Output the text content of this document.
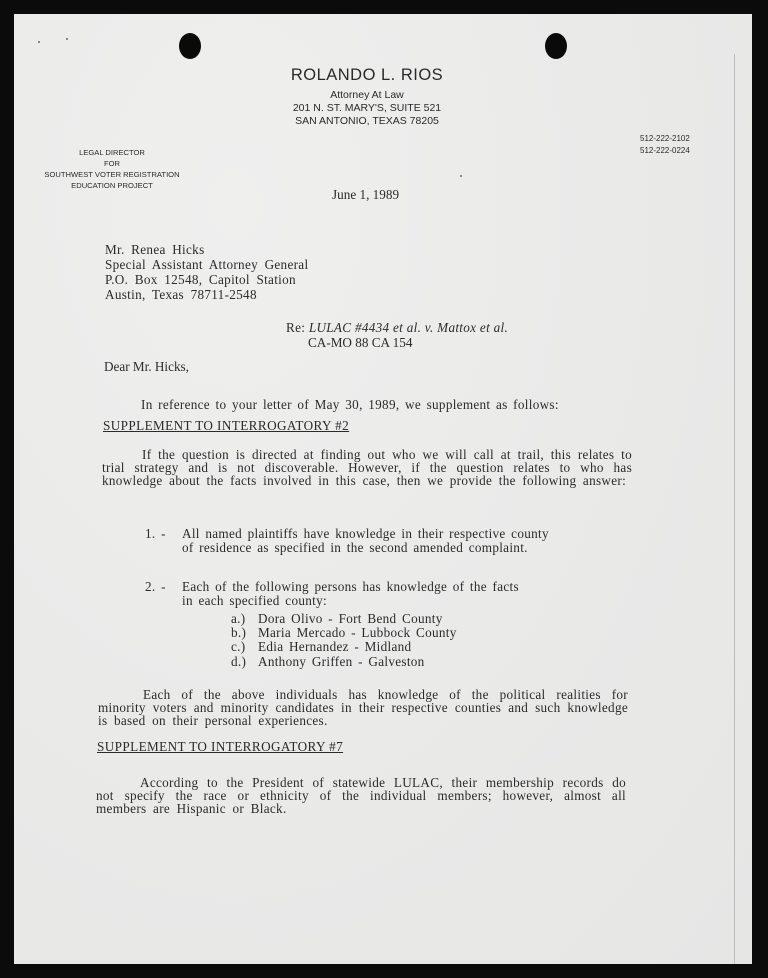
ROLANDO L. RIOS
Attorney At Law
201 N. ST. MARY'S, SUITE 521
SAN ANTONIO, TEXAS 78205
LEGAL DIRECTOR
FOR
SOUTHWEST VOTER REGISTRATION
EDUCATION PROJECT
512-222-2102
512-222-0224
June 1, 1989
Mr. Renea Hicks
Special Assistant Attorney General
P.O. Box 12548, Capitol Station
Austin, Texas 78711-2548
Re: LULAC #4434 et al. v. Mattox et al.
CA-MO 88 CA 154
Dear Mr. Hicks,
In reference to your letter of May 30, 1989, we supplement as follows:
SUPPLEMENT TO INTERROGATORY #2
If the question is directed at finding out who we will call at trail, this relates to trial strategy and is not discoverable. However, if the question relates to who has knowledge about the facts involved in this case, then we provide the following answer:
1. - All named plaintiffs have knowledge in their respective county
of residence as specified in the second amended complaint.
2. - Each of the following persons has knowledge of the facts
in each specified county:
a.) Dora Olivo - Fort Bend County
b.) Maria Mercado - Lubbock County
c.) Edia Hernandez - Midland
d.) Anthony Griffen - Galveston
Each of the above individuals has knowledge of the political realities for minority voters and minority candidates in their respective counties and such knowledge is based on their personal experiences.
SUPPLEMENT TO INTERROGATORY #7
According to the President of statewide LULAC, their membership records do not specify the race or ethnicity of the individual members; however, almost all members are Hispanic or Black.
